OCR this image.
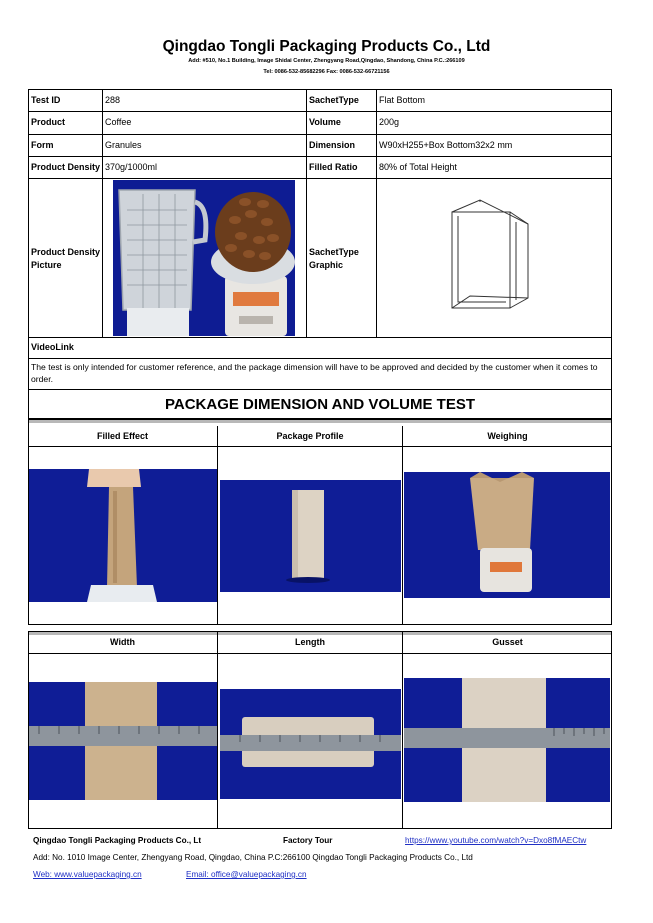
Qingdao Tongli Packaging Products Co., Ltd
Add: #510, No.1 Building, Image Shidai Center, Zhengyang Road,Qingdao, Shandong, China P.C.:266109
Tel: 0086-532-85682296 Fax: 0086-532-66721156
Test ID	288	SachetType Flat Bottom
Product	Coffee	Volume	200g
Form	Granules	Dimension	W90xH255+Box Bottom32x2 mm
Product Density 370g/1000ml	Filled Ratio 80% of Total Height
Product Density Picture
SachetType Graphic
VideoLink
The test is only intended for customer reference, and the package dimension will have to be approved and decided by the customer when it comes to order.
PACKAGE DIMENSION AND VOLUME TEST
Filled Effect	Package Profile	Weighing
Width	Length	Gusset
Qingdao Tongli Packaging Products Co., Lt	Factory Tour	https://www.youtube.com/watch?v=Dxo8fMAECtw
Add: No. 1010 Image Center, Zhengyang Road, Qingdao, China P.C:266100 Qingdao Tongli Packaging Products Co., Ltd
Web: www.valuepackaging.cn	Email: office@valuepackaging.cn
